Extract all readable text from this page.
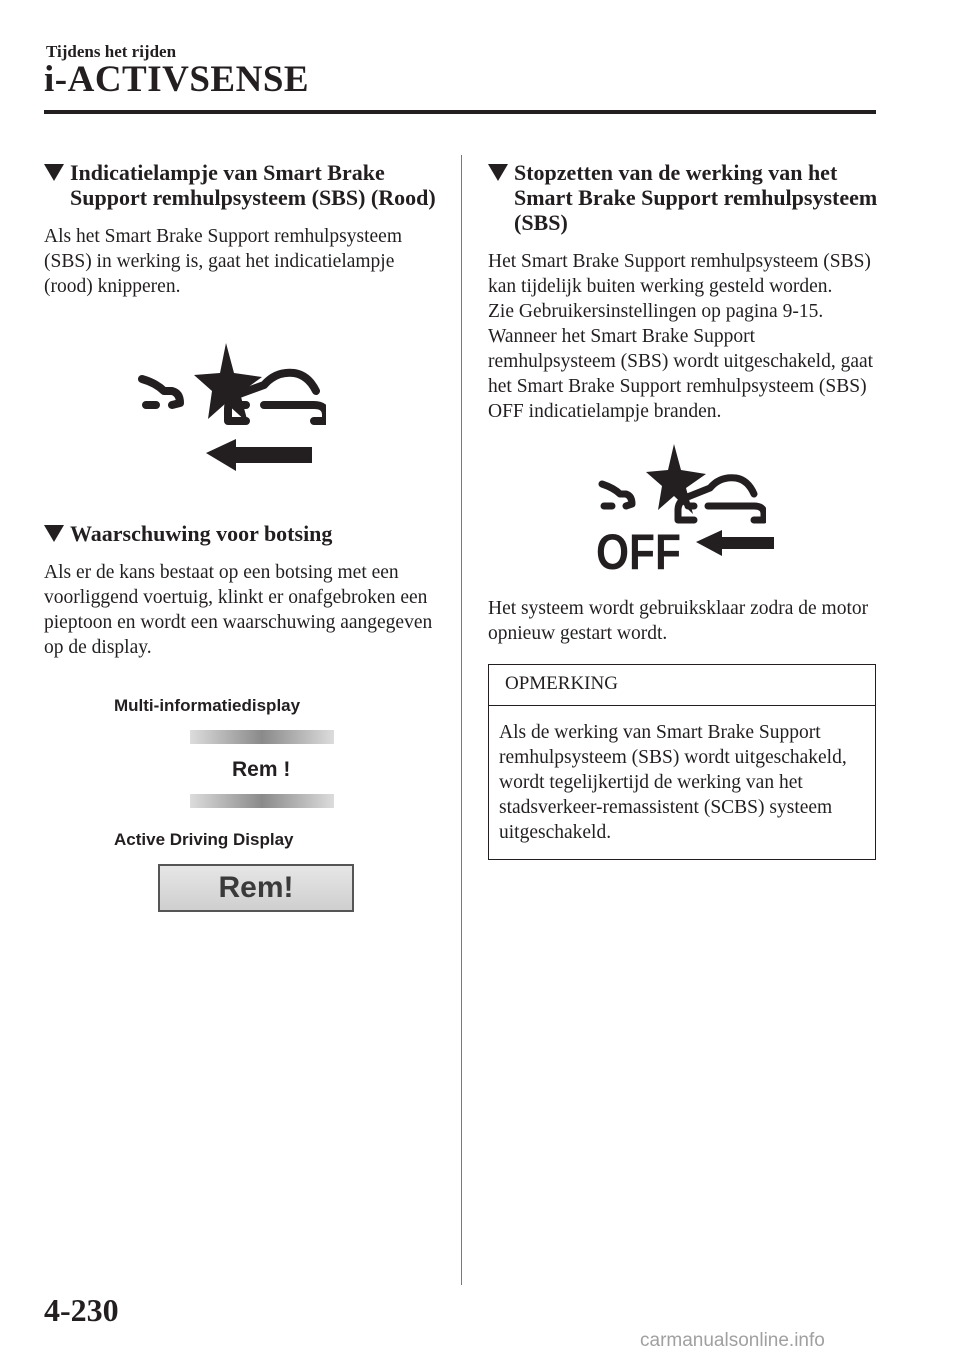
Tijdens het rijden
i-ACTIVSENSE
Indicatielampje van Smart Brake Support remhulpsysteem (SBS) (Rood)

Als het Smart Brake Support remhulpsysteem (SBS) in werking is, gaat het indicatielampje (rood) knipperen.

Waarschuwing voor botsing

Als er de kans bestaat op een botsing met een voorliggend voertuig, klinkt er onafgebroken een pieptoon en wordt een waarschuwing aangegeven op de display.

Multi-informatiedisplay
Rem !
Active Driving Display
Rem!
Stopzetten van de werking van het Smart Brake Support remhulpsysteem (SBS)

Het Smart Brake Support remhulpsysteem (SBS) kan tijdelijk buiten werking gesteld worden.

Zie Gebruikersinstellingen op pagina 9-15.

Wanneer het Smart Brake Support remhulpsysteem (SBS) wordt uitgeschakeld, gaat het Smart Brake Support remhulpsysteem (SBS) OFF indicatielampje branden.

OFF

Het systeem wordt gebruiksklaar zodra de motor opnieuw gestart wordt.

OPMERKING

Als de werking van Smart Brake Support remhulpsysteem (SBS) wordt uitgeschakeld, wordt tegelijkertijd de werking van het stadsverkeer-remassistent (SCBS) systeem uitgeschakeld.

4-230
carmanualsonline.info
